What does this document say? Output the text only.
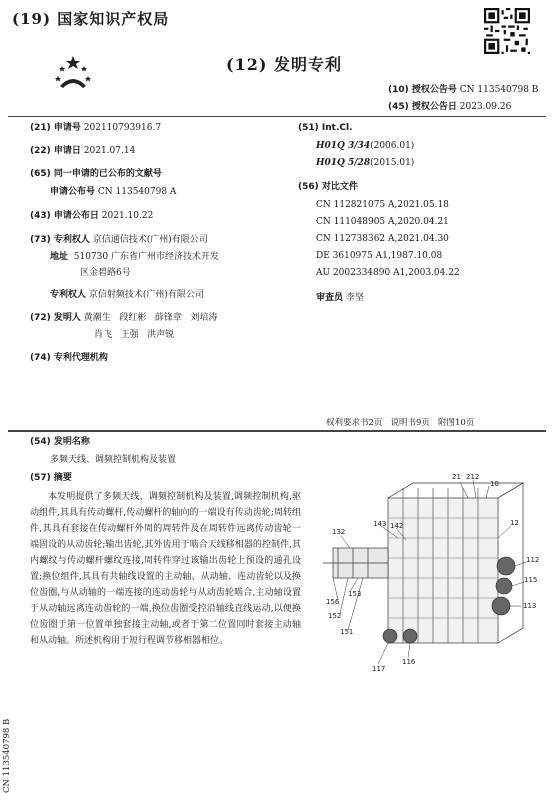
(19) 国家知识产权局
(12) 发明专利
(10) 授权公告号 CN 113540798 B
(45) 授权公告日 2023.09.26
(21) 申请号 202110793916.7
(22) 申请日 2021.07.14
(65) 同一申请的已公布的文献号
申请公布号 CN 113540798 A
(43) 申请公布日 2021.10.22
(73) 专利权人 京信通信技术(广州)有限公司
地址 510730 广东省广州市经济技术开发
区金碧路6号
专利权人 京信射频技术(广州)有限公司
(72) 发明人 黄潮生   段红彬   薛锋章   刘培涛
肖飞   王强   洪声锐
(74) 专利代理机构
(51) Int.Cl.
H01Q 3/34(2006.01)
H01Q 5/28(2015.01)
(56) 对比文件
CN 112821075 A,2021.05.18
CN 111048905 A,2020.04.21
CN 112738362 A,2021.04.30
DE 3610975 A1,1987.10.08
AU 2002334890 A1,2003.04.22
审查员 李坚
权利要求书2页   说明书9页   附图10页
(54) 发明名称
多频天线、调频控制机构及装置
(57) 摘要
本发明提供了多频天线、调频控制机构及装置,调频控制机构,驱动组件,其具有传动螺杆,传动螺杆的轴向的一端设有传动齿轮;周转组件,其具有套接在传动螺杆外周的周转件及在周转件远离传动齿轮一端固设的从动齿轮;输出齿轮,其外齿用于啮合天线移相器的控制件,其内螺纹与传动螺杆螺纹连接,周转件穿过该输出齿轮上预设的通孔设置;换位组件,其具有共轴线设置的主动轴、从动轴、连动齿轮以及换位齿圈,与从动轴的一端连接的连动齿轮与从动齿轮啮合,主动轴设置于从动轴远离连动齿轮的一端,换位齿圈受控沿轴线直线运动,以便换位齿圈于第一位置单独套接主动轴,或者于第二位置同时套接主动轴和从动轴。所述机构用于短行程调节移相器相位。
21 212
10
143 142
132
12
112
115
156
152
153
151
113
117
116
CN 113540798 B
